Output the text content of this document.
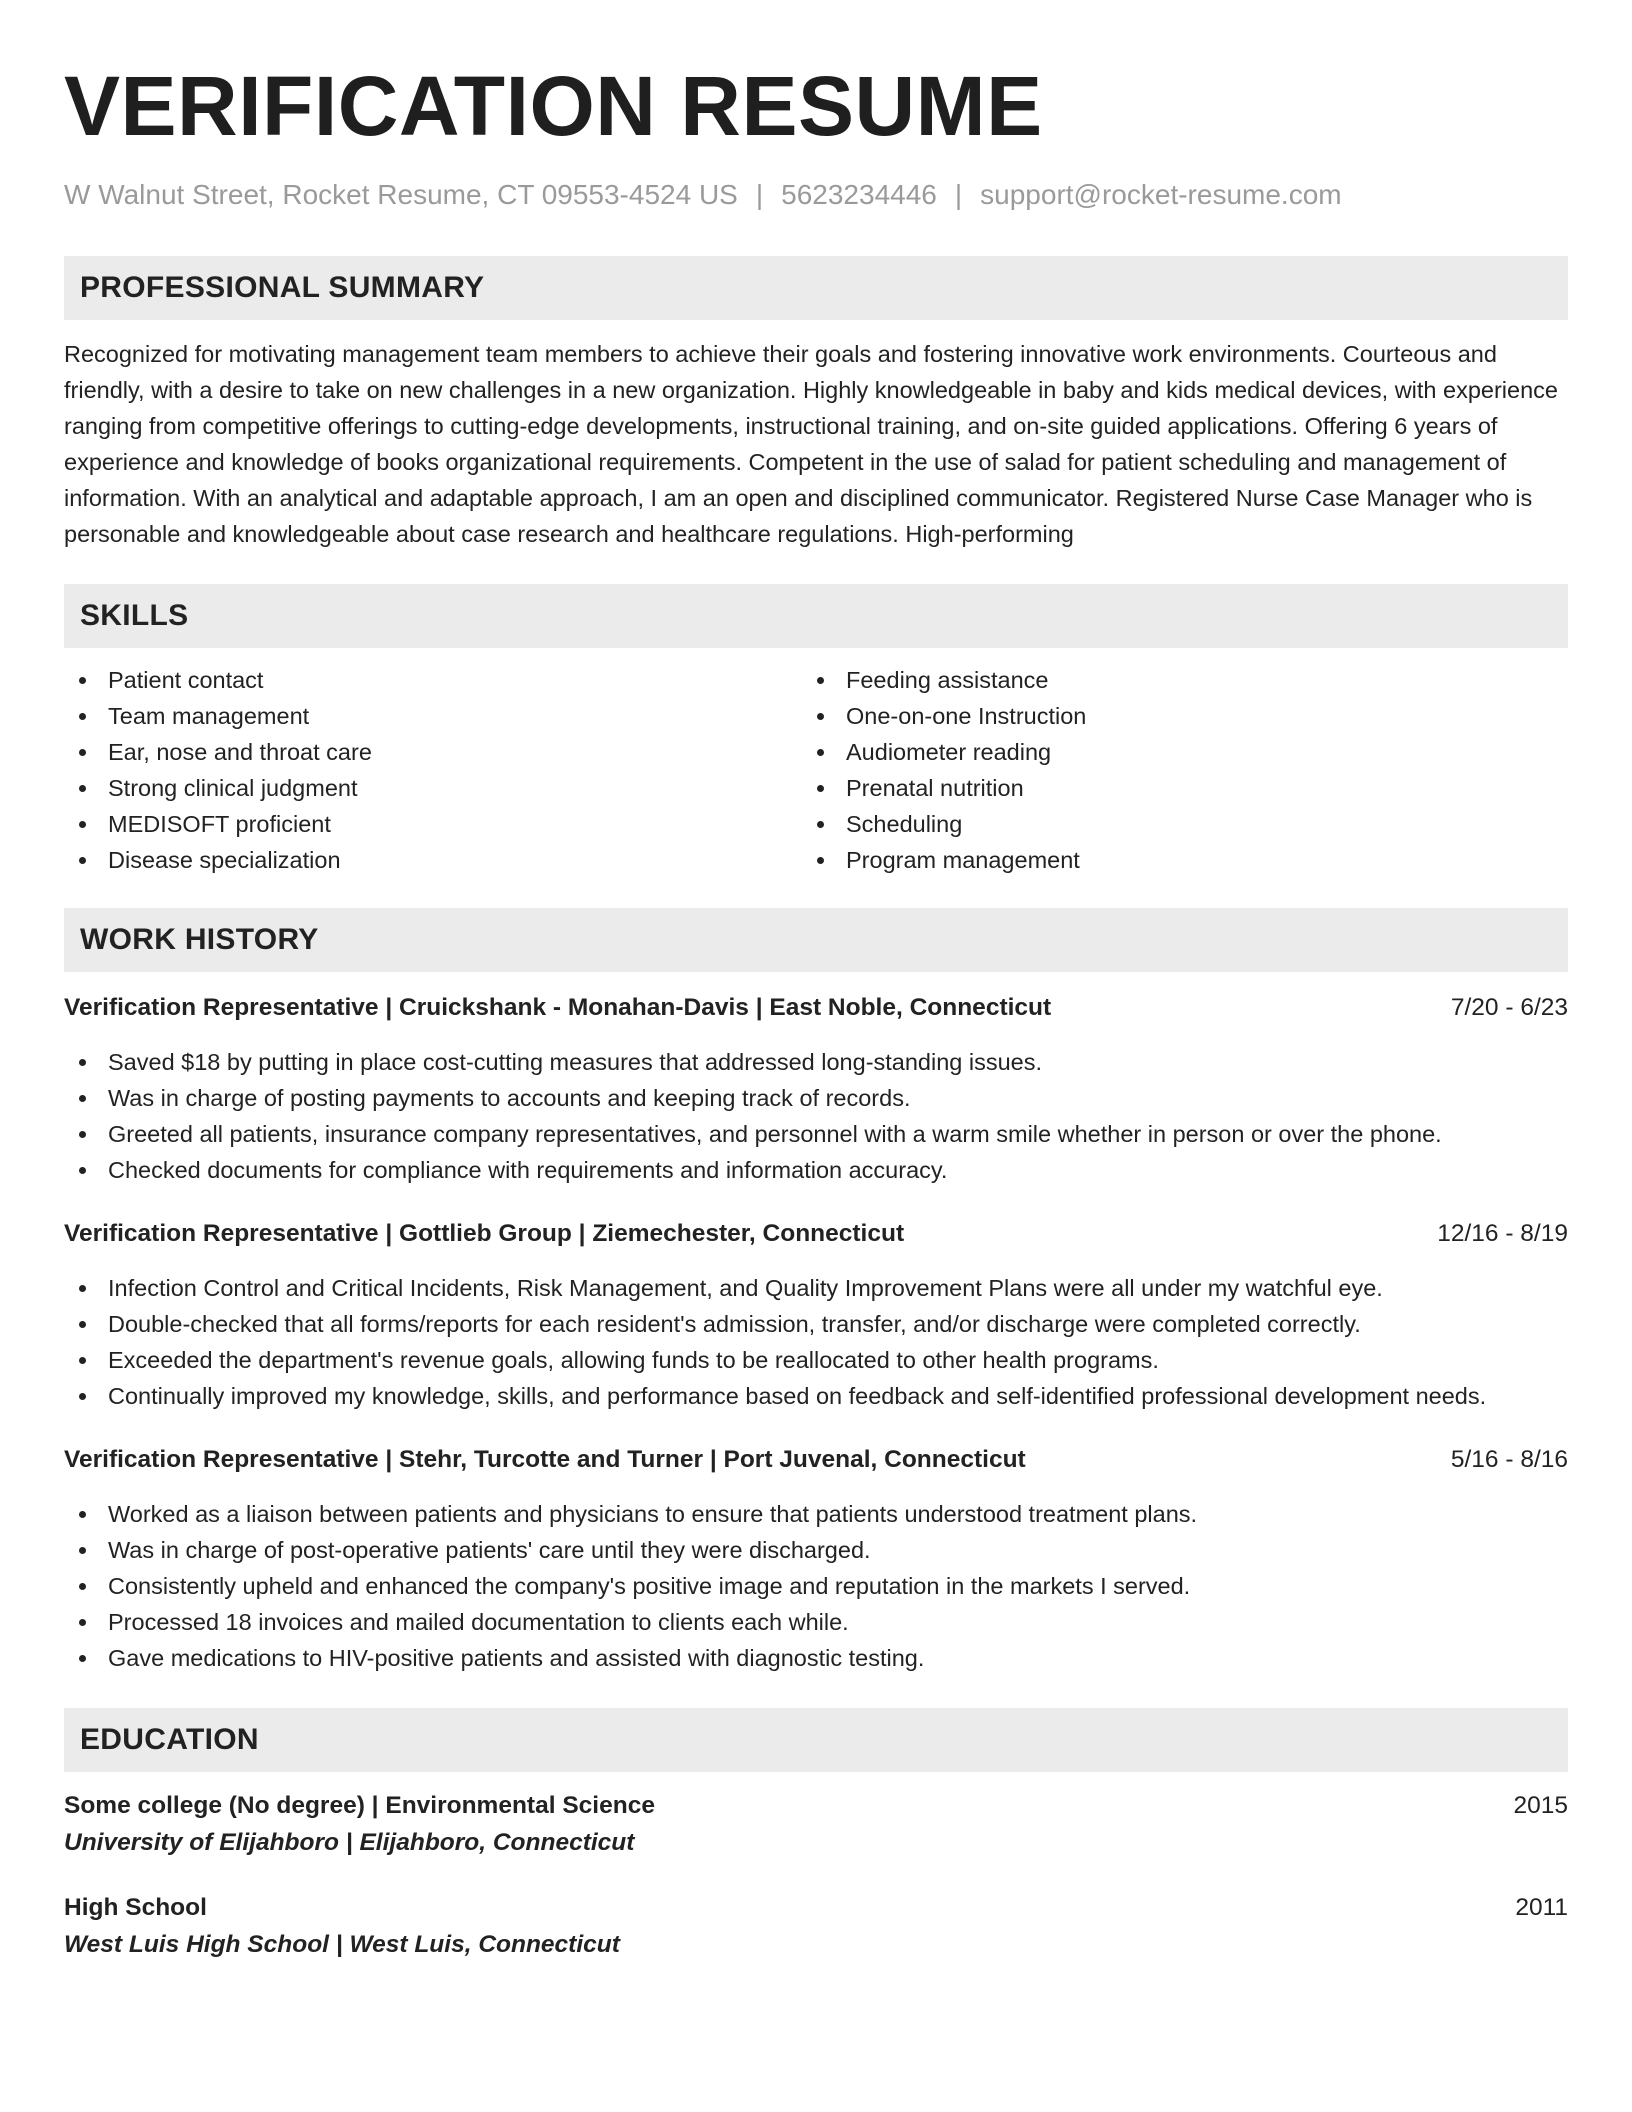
VERIFICATION RESUME
W Walnut Street, Rocket Resume, CT 09553-4524 US | 5623234446 | support@rocket-resume.com
PROFESSIONAL SUMMARY

Recognized for motivating management team members to achieve their goals and fostering innovative work environments. Courteous and friendly, with a desire to take on new challenges in a new organization. Highly knowledgeable in baby and kids medical devices, with experience ranging from competitive offerings to cutting-edge developments, instructional training, and on-site guided applications. Offering 6 years of experience and knowledge of books organizational requirements. Competent in the use of salad for patient scheduling and management of information. With an analytical and adaptable approach, I am an open and disciplined communicator. Registered Nurse Case Manager who is personable and knowledgeable about case research and healthcare regulations. High-performing

SKILLS
Patient contact
Team management
Ear, nose and throat care
Strong clinical judgment
MEDISOFT proficient
Disease specialization
Feeding assistance
One-on-one Instruction
Audiometer reading
Prenatal nutrition
Scheduling
Program management
WORK HISTORY
Verification Representative | Cruickshank - Monahan-Davis | East Noble, Connecticut	7/20 - 6/23
Saved $18 by putting in place cost-cutting measures that addressed long-standing issues.
Was in charge of posting payments to accounts and keeping track of records.
Greeted all patients, insurance company representatives, and personnel with a warm smile whether in person or over the phone.
Checked documents for compliance with requirements and information accuracy.
Verification Representative | Gottlieb Group | Ziemechester, Connecticut	12/16 - 8/19
Infection Control and Critical Incidents, Risk Management, and Quality Improvement Plans were all under my watchful eye.
Double-checked that all forms/reports for each resident's admission, transfer, and/or discharge were completed correctly.
Exceeded the department's revenue goals, allowing funds to be reallocated to other health programs.
Continually improved my knowledge, skills, and performance based on feedback and self-identified professional development needs.
Verification Representative | Stehr, Turcotte and Turner | Port Juvenal, Connecticut	5/16 - 8/16
Worked as a liaison between patients and physicians to ensure that patients understood treatment plans.
Was in charge of post-operative patients' care until they were discharged.
Consistently upheld and enhanced the company's positive image and reputation in the markets I served.
Processed 18 invoices and mailed documentation to clients each while.
Gave medications to HIV-positive patients and assisted with diagnostic testing.
EDUCATION
Some college (No degree) | Environmental Science	2015
University of Elijahboro | Elijahboro, Connecticut
High School	2011
West Luis High School | West Luis, Connecticut
